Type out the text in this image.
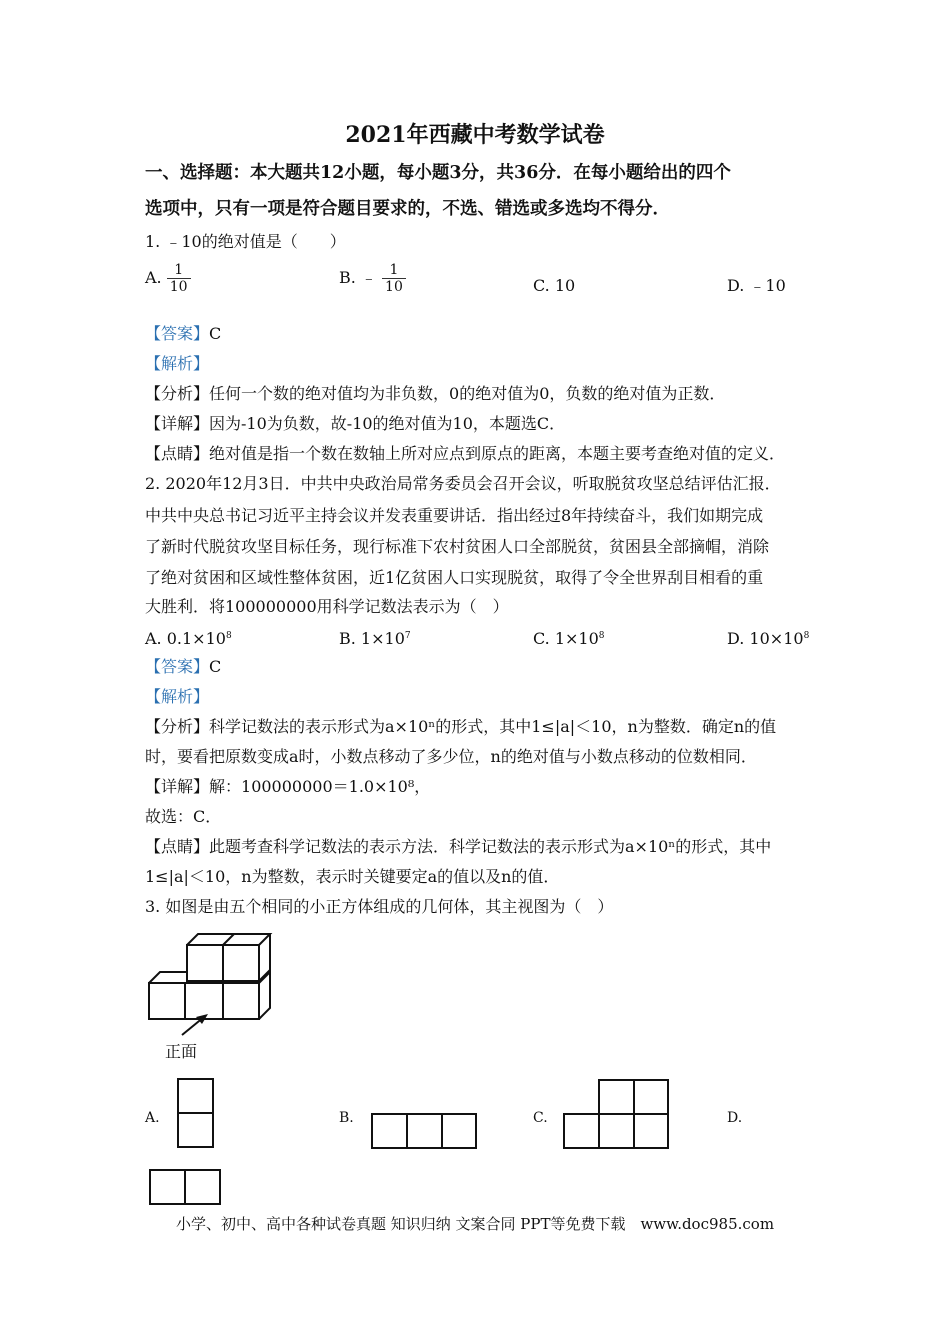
2021年西藏中考数学试卷
一、选择题：本大题共12小题，每小题3分，共36分．在每小题给出的四个
选项中，只有一项是符合题目要求的，不选、错选或多选均不得分．
1. ﹣10的绝对值是（　　）
A. $\frac{1}{10}$	B. ﹣ $\frac{1}{10}$	C. 10	D. ﹣10
【答案】C
【解析】
【分析】任何一个数的绝对值均为非负数，0的绝对值为0，负数的绝对值为正数．
【详解】因为-10为负数，故-10的绝对值为10，本题选C．
【点睛】绝对值是指一个数在数轴上所对应点到原点的距离，本题主要考查绝对值的定义．
2. 2020年12月3日．中共中央政治局常务委员会召开会议，听取脱贫攻坚总结评估汇报．
中共中央总书记习近平主持会议并发表重要讲话．指出经过8年持续奋斗，我们如期完成
了新时代脱贫攻坚目标任务，现行标准下农村贫困人口全部脱贫，贫困县全部摘帽，消除
了绝对贫困和区域性整体贫困，近1亿贫困人口实现脱贫，取得了令全世界刮目相看的重
大胜利．将100000000用科学记数法表示为（　）
A. $0.1\times 10^8$	B. $1\times 10^7$	C. $1\times 10^8$	D. $10\times 10^8$
【答案】C
【解析】
【分析】科学记数法的表示形式为a×10ⁿ的形式，其中1≤|a|＜10，n为整数．确定n的值
时，要看把原数变成a时，小数点移动了多少位，n的绝对值与小数点移动的位数相同．
【详解】解：100000000＝1.0×10⁸，
故选：C．
【点睛】此题考查科学记数法的表示方法．科学记数法的表示形式为a×10ⁿ的形式，其中
1≤|a|＜10，n为整数，表示时关键要定a的值以及n的值．
3. 如图是由五个相同的小正方体组成的几何体，其主视图为（　）
正面
A.	B.	C.	D.
小学、初中、高中各种试卷真题 知识归纳 文案合同 PPT等免费下载　www.doc985.com
